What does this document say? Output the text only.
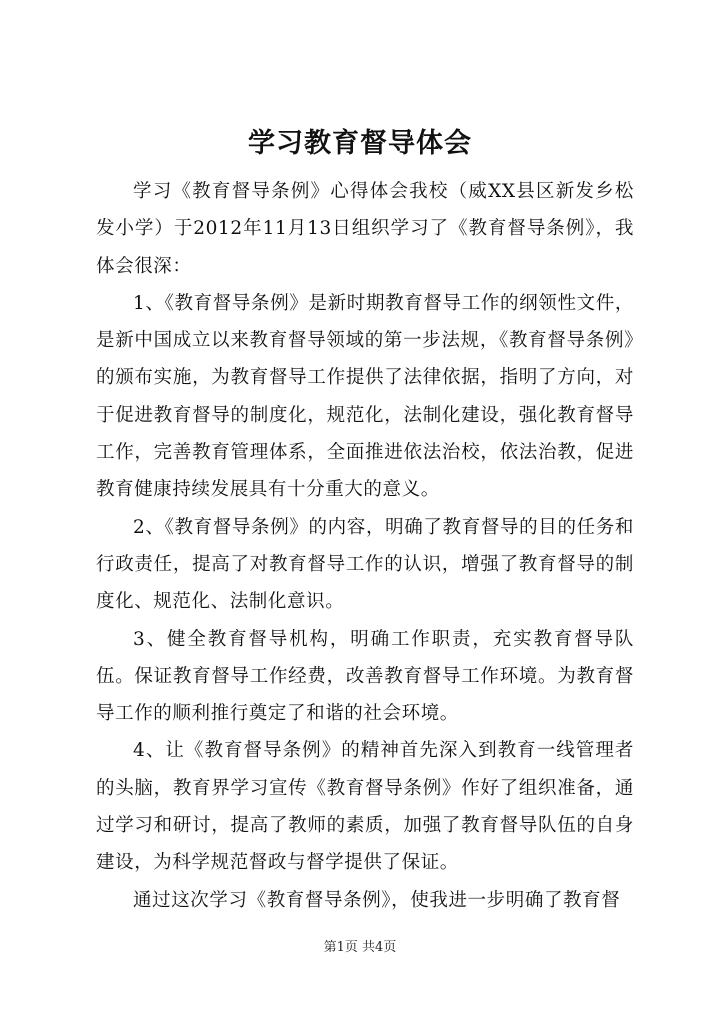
学习教育督导体会

学习《教育督导条例》心得体会我校（威XX县区新发乡松发小学）于2012年11月13日组织学习了《教育督导条例》，我体会很深：

1、《教育督导条例》是新时期教育督导工作的纲领性文件，是新中国成立以来教育督导领域的第一步法规，《教育督导条例》的颁布实施，为教育督导工作提供了法律依据，指明了方向，对于促进教育督导的制度化，规范化，法制化建设，强化教育督导工作，完善教育管理体系，全面推进依法治校，依法治教，促进教育健康持续发展具有十分重大的意义。

2、《教育督导条例》的内容，明确了教育督导的目的任务和行政责任，提高了对教育督导工作的认识，增强了教育督导的制度化、规范化、法制化意识。

3、健全教育督导机构，明确工作职责，充实教育督导队伍。保证教育督导工作经费，改善教育督导工作环境。为教育督导工作的顺利推行奠定了和谐的社会环境。

4、让《教育督导条例》的精神首先深入到教育一线管理者的头脑，教育界学习宣传《教育督导条例》作好了组织准备，通过学习和研讨，提高了教师的素质，加强了教育督导队伍的自身建设，为科学规范督政与督学提供了保证。

通过这次学习《教育督导条例》，使我进一步明确了教育督

第1页 共4页
